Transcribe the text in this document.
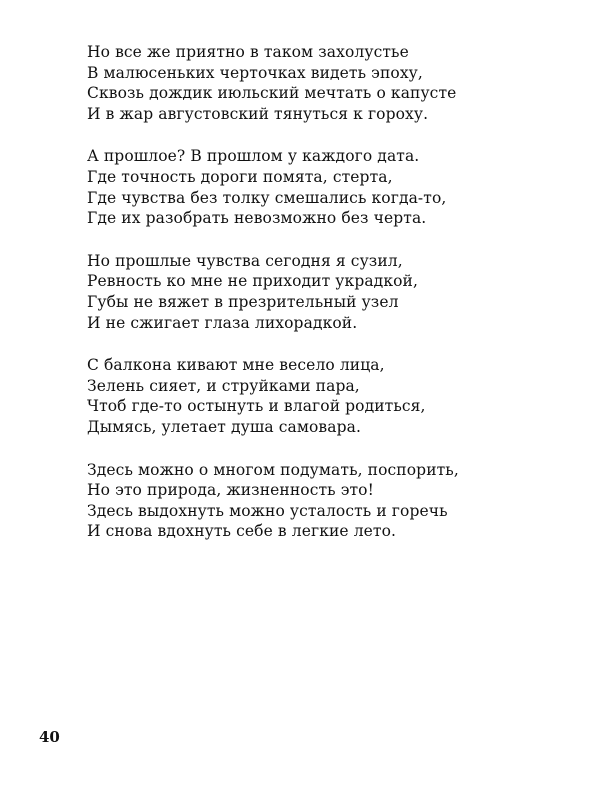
Но все же приятно в таком захолустье
В малюсеньких черточках видеть эпоху,
Сквозь дождик июльский мечтать о капусте
И в жар августовский тянуться к гороху.
А прошлое? В прошлом у каждого дата.
Где точность дороги помята, стерта,
Где чувства без толку смешались когда-то,
Где их разобрать невозможно без черта.
Но прошлые чувства сегодня я сузил,
Ревность ко мне не приходит украдкой,
Губы не вяжет в презрительный узел
И не сжигает глаза лихорадкой.
С балкона кивают мне весело лица,
Зелень сияет, и струйками пара,
Чтоб где-то остынуть и влагой родиться,
Дымясь, улетает душа самовара.
Здесь можно о многом подумать, поспорить,
Но это природа, жизненность это!
Здесь выдохнуть можно усталость и горечь
И снова вдохнуть себе в легкие лето.
40
